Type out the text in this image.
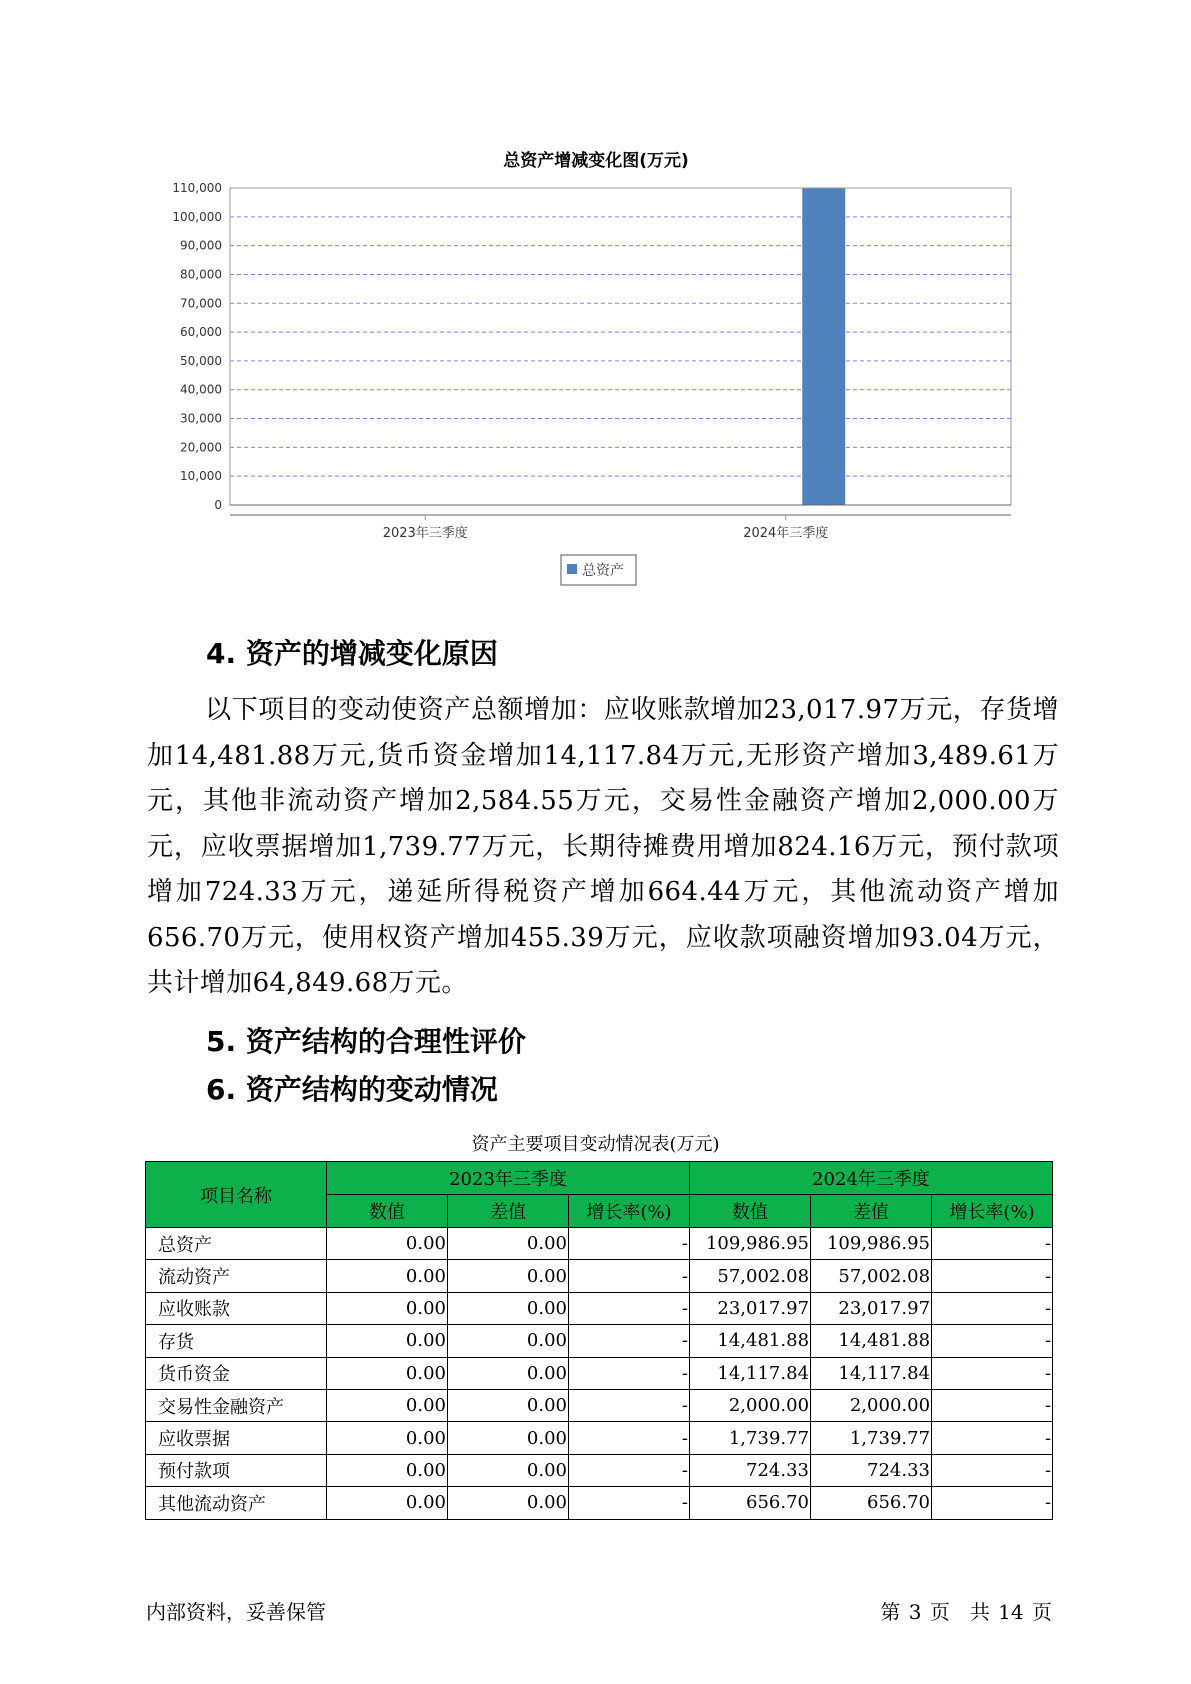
总资产增减变化图(万元)
0
10,000
20,000
30,000
40,000
50,000
60,000
70,000
80,000
90,000
100,000
110,000
2023年三季度	2024年三季度
总资产
4. 资产的增减变化原因

以下项目的变动使资产总额增加：应收账款增加23,017.97万元，存货增加14,481.88万元,货币资金增加14,117.84万元,无形资产增加3,489.61万元，其他非流动资产增加2,584.55万元，交易性金融资产增加2,000.00万元，应收票据增加1,739.77万元，长期待摊费用增加824.16万元，预付款项增加724.33万元，递延所得税资产增加664.44万元，其他流动资产增加656.70万元，使用权资产增加455.39万元，应收款项融资增加93.04万元，共计增加64,849.68万元。

5. 资产结构的合理性评价
6. 资产结构的变动情况
资产主要项目变动情况表(万元)
项目名称	2023年三季度			2024年三季度		
	数值	差值	增长率(%)	数值	差值	增长率(%)
总资产	0.00	0.00	-	109,986.95	109,986.95	-
流动资产	0.00	0.00	-	57,002.08	57,002.08	-
应收账款	0.00	0.00	-	23,017.97	23,017.97	-
存货	0.00	0.00	-	14,481.88	14,481.88	-
货币资金	0.00	0.00	-	14,117.84	14,117.84	-
交易性金融资产	0.00	0.00	-	2,000.00	2,000.00	-
应收票据	0.00	0.00	-	1,739.77	1,739.77	-
预付款项	0.00	0.00	-	724.33	724.33	-
其他流动资产	0.00	0.00	-	656.70	656.70	-
内部资料，妥善保管	第 3 页　共 14 页
